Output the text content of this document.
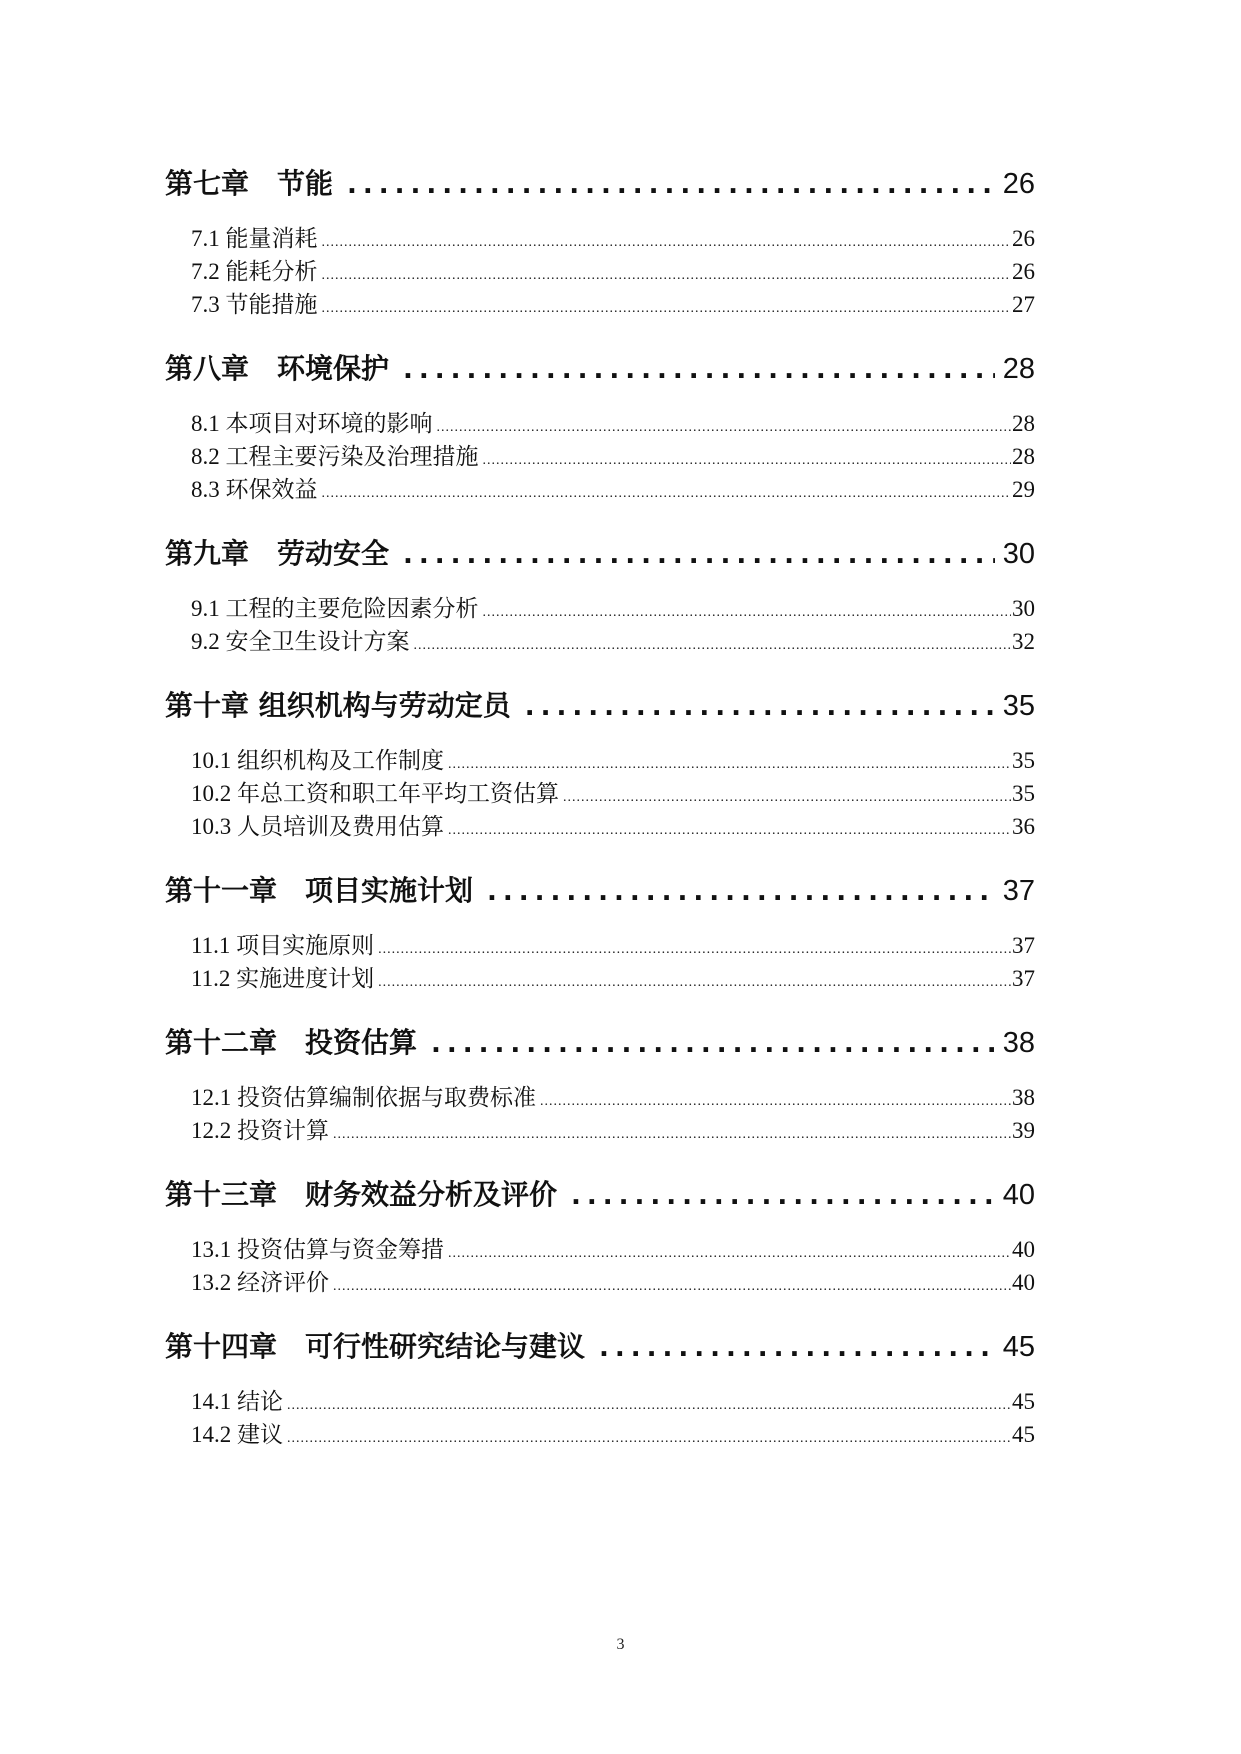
第七章　节能 .....	26
7.1 能量消耗 .....	26
7.2 能耗分析 .....	26
7.3 节能措施 .....	27
第八章　环境保护 .....	28
8.1 本项目对环境的影响 .....	28
8.2 工程主要污染及治理措施 .....	28
8.3 环保效益 .....	29
第九章　劳动安全 .....	30
9.1 工程的主要危险因素分析 .....	30
9.2 安全卫生设计方案 .....	32
第十章 组织机构与劳动定员 .....	35
10.1 组织机构及工作制度 .....	35
10.2 年总工资和职工年平均工资估算 .....	35
10.3 人员培训及费用估算 .....	36
第十一章　项目实施计划 .....	37
11.1 项目实施原则 .....	37
11.2 实施进度计划 .....	37
第十二章　投资估算 .....	38
12.1 投资估算编制依据与取费标准 .....	38
12.2 投资计算 .....	39
第十三章　财务效益分析及评价 .....	40
13.1 投资估算与资金筹措 .....	40
13.2 经济评价 .....	40
第十四章　可行性研究结论与建议 .....	45
14.1 结论 .....	45
14.2 建议 .....	45
3
